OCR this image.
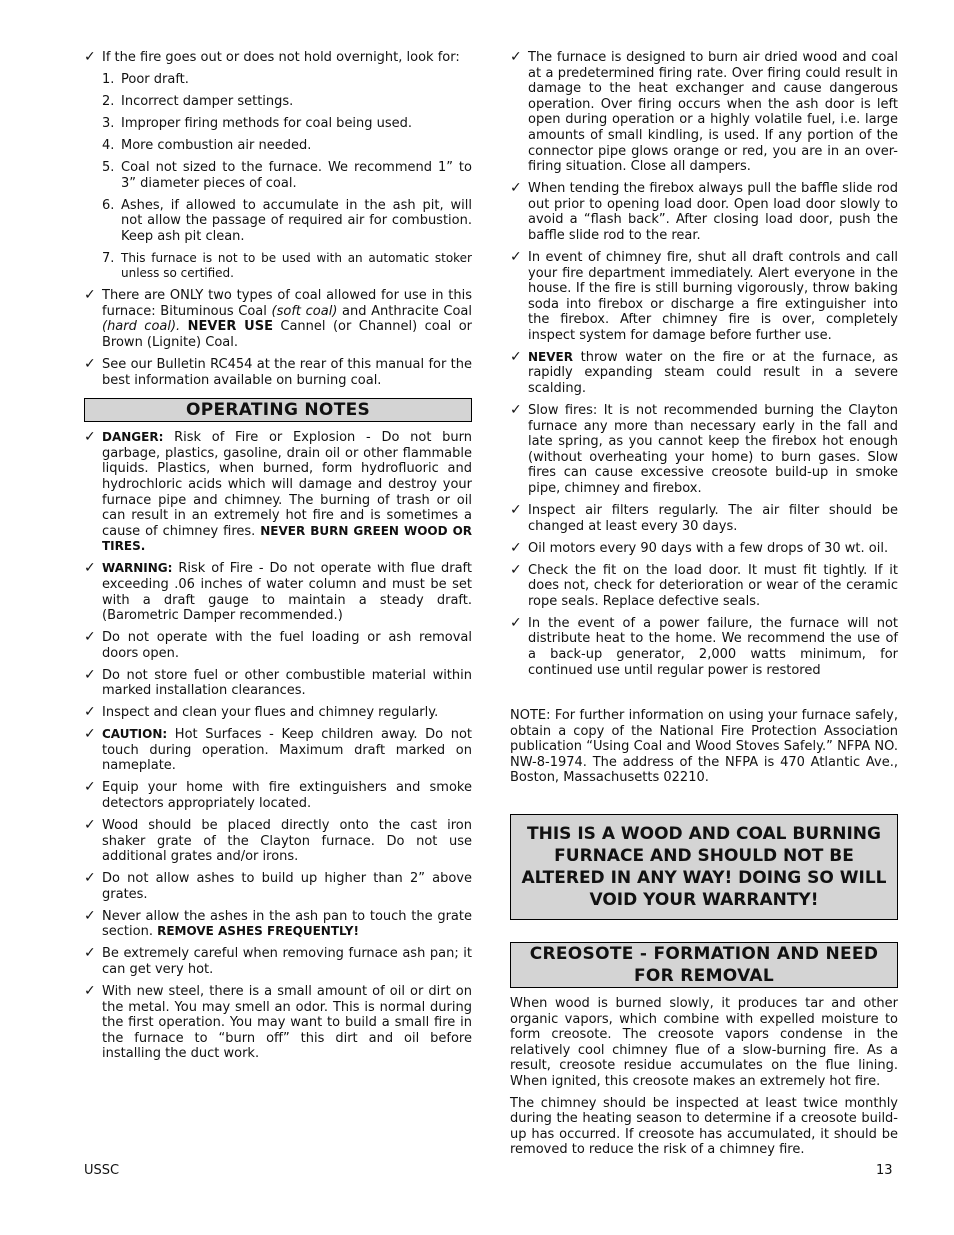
✓ If the fire goes out or does not hold overnight, look for:
1. Poor draft.
2. Incorrect damper settings.
3. Improper firing methods for coal being used.
4. More combustion air needed.
5. Coal not sized to the furnace. We recommend 1” to 3” diameter pieces of coal.
6. Ashes, if allowed to accumulate in the ash pit, will not allow the passage of required air for combustion. Keep ash pit clean.
7. This furnace is not to be used with an automatic stoker unless so certified.
✓ There are ONLY two types of coal allowed for use in this furnace: Bituminous Coal (soft coal) and Anthracite Coal (hard coal). NEVER USE Cannel (or Channel) coal or Brown (Lignite) Coal.
✓ See our Bulletin RC454 at the rear of this manual for the best information available on burning coal.
OPERATING NOTES
✓ DANGER: Risk of Fire or Explosion - Do not burn garbage, plastics, gasoline, drain oil or other flammable liquids. Plastics, when burned, form hydrofluoric and hydrochloric acids which will damage and destroy your furnace pipe and chimney. The burning of trash or oil can result in an extremely hot fire and is sometimes a cause of chimney fires. NEVER BURN GREEN WOOD OR TIRES.
✓ WARNING: Risk of Fire - Do not operate with flue draft exceeding .06 inches of water column and must be set with a draft gauge to maintain a steady draft. (Barometric Damper recommended.)
✓ Do not operate with the fuel loading or ash removal doors open.
✓ Do not store fuel or other combustible material within marked installation clearances.
✓ Inspect and clean your flues and chimney regularly.
✓ CAUTION: Hot Surfaces - Keep children away. Do not touch during operation. Maximum draft marked on nameplate.
✓ Equip your home with fire extinguishers and smoke detectors appropriately located.
✓ Wood should be placed directly onto the cast iron shaker grate of the Clayton furnace. Do not use additional grates and/or irons.
✓ Do not allow ashes to build up higher than 2” above grates.
✓ Never allow the ashes in the ash pan to touch the grate section. REMOVE ASHES FREQUENTLY!
✓ Be extremely careful when removing furnace ash pan; it can get very hot.
✓ With new steel, there is a small amount of oil or dirt on the metal. You may smell an odor. This is normal during the first operation. You may want to build a small fire in the furnace to “burn off” this dirt and oil before installing the duct work.
✓ The furnace is designed to burn air dried wood and coal at a predetermined firing rate. Over firing could result in damage to the heat exchanger and cause dangerous operation. Over firing occurs when the ash door is left open during operation or a highly volatile fuel, i.e. large amounts of small kindling, is used. If any portion of the connector pipe glows orange or red, you are in an over-firing situation. Close all dampers.
✓ When tending the firebox always pull the baffle slide rod out prior to opening load door. Open load door slowly to avoid a “flash back”. After closing load door, push the baffle slide rod to the rear.
✓ In event of chimney fire, shut all draft controls and call your fire department immediately. Alert everyone in the house. If the fire is still burning vigorously, throw baking soda into firebox or discharge a fire extinguisher into the firebox. After chimney fire is over, completely inspect system for damage before further use.
✓ NEVER throw water on the fire or at the furnace, as rapidly expanding steam could result in a severe scalding.
✓ Slow fires: It is not recommended burning the Clayton furnace any more than necessary early in the fall and late spring, as you cannot keep the firebox hot enough (without overheating your home) to burn gases. Slow fires can cause excessive creosote build-up in smoke pipe, chimney and firebox.
✓ Inspect air filters regularly. The air filter should be changed at least every 30 days.
✓ Oil motors every 90 days with a few drops of 30 wt. oil.
✓ Check the fit on the load door. It must fit tightly. If it does not, check for deterioration or wear of the ceramic rope seals. Replace defective seals.
✓ In the event of a power failure, the furnace will not distribute heat to the home. We recommend the use of a back-up generator, 2,000 watts minimum, for continued use until regular power is restored
NOTE: For further information on using your furnace safely, obtain a copy of the National Fire Protection Association publication “Using Coal and Wood Stoves Safely.” NFPA NO. NW-8-1974. The address of the NFPA is 470 Atlantic Ave., Boston, Massachusetts 02210.
THIS IS A WOOD AND COAL BURNING FURNACE AND SHOULD NOT BE ALTERED IN ANY WAY! DOING SO WILL VOID YOUR WARRANTY!
CREOSOTE - FORMATION AND NEED FOR REMOVAL
When wood is burned slowly, it produces tar and other organic vapors, which combine with expelled moisture to form creosote. The creosote vapors condense in the relatively cool chimney flue of a slow-burning fire. As a result, creosote residue accumulates on the flue lining. When ignited, this creosote makes an extremely hot fire.
The chimney should be inspected at least twice monthly during the heating season to determine if a creosote build-up has occurred. If creosote has accumulated, it should be removed to reduce the risk of a chimney fire.
USSC	13
